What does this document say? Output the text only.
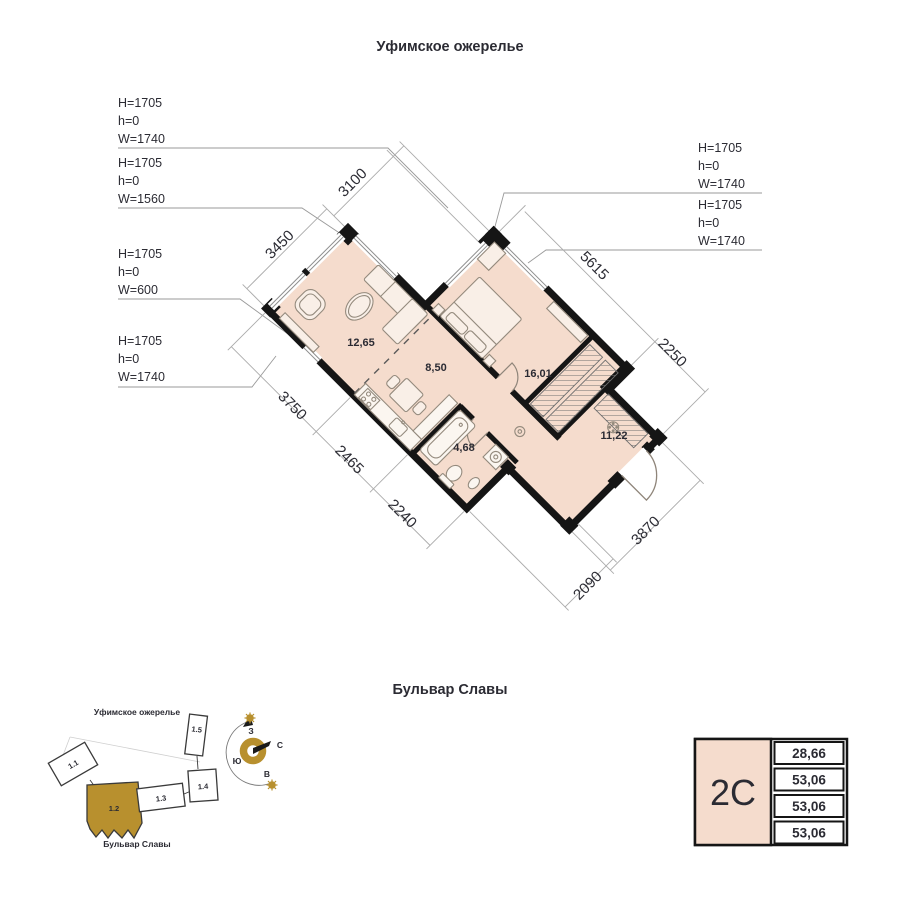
Уфимское ожерелье
Бульвар Славы
H=1705 h=0 W=1740
H=1705 h=0 W=1560
H=1705 h=0 W=600
H=1705 h=0 W=1740
H=1705 h=0 W=1740
H=1705 h=0 W=1740
3100
3450
5615
2250
3750
2465
2240	3870
2090
12,65
8,50	16,01
4,68
11,22
Уфимское ожерелье
Бульвар Славы
1.1
1.2
1.3
1.4
1.5	З
С
Ю
В	2С
28,66
53,06
53,06
53,06
